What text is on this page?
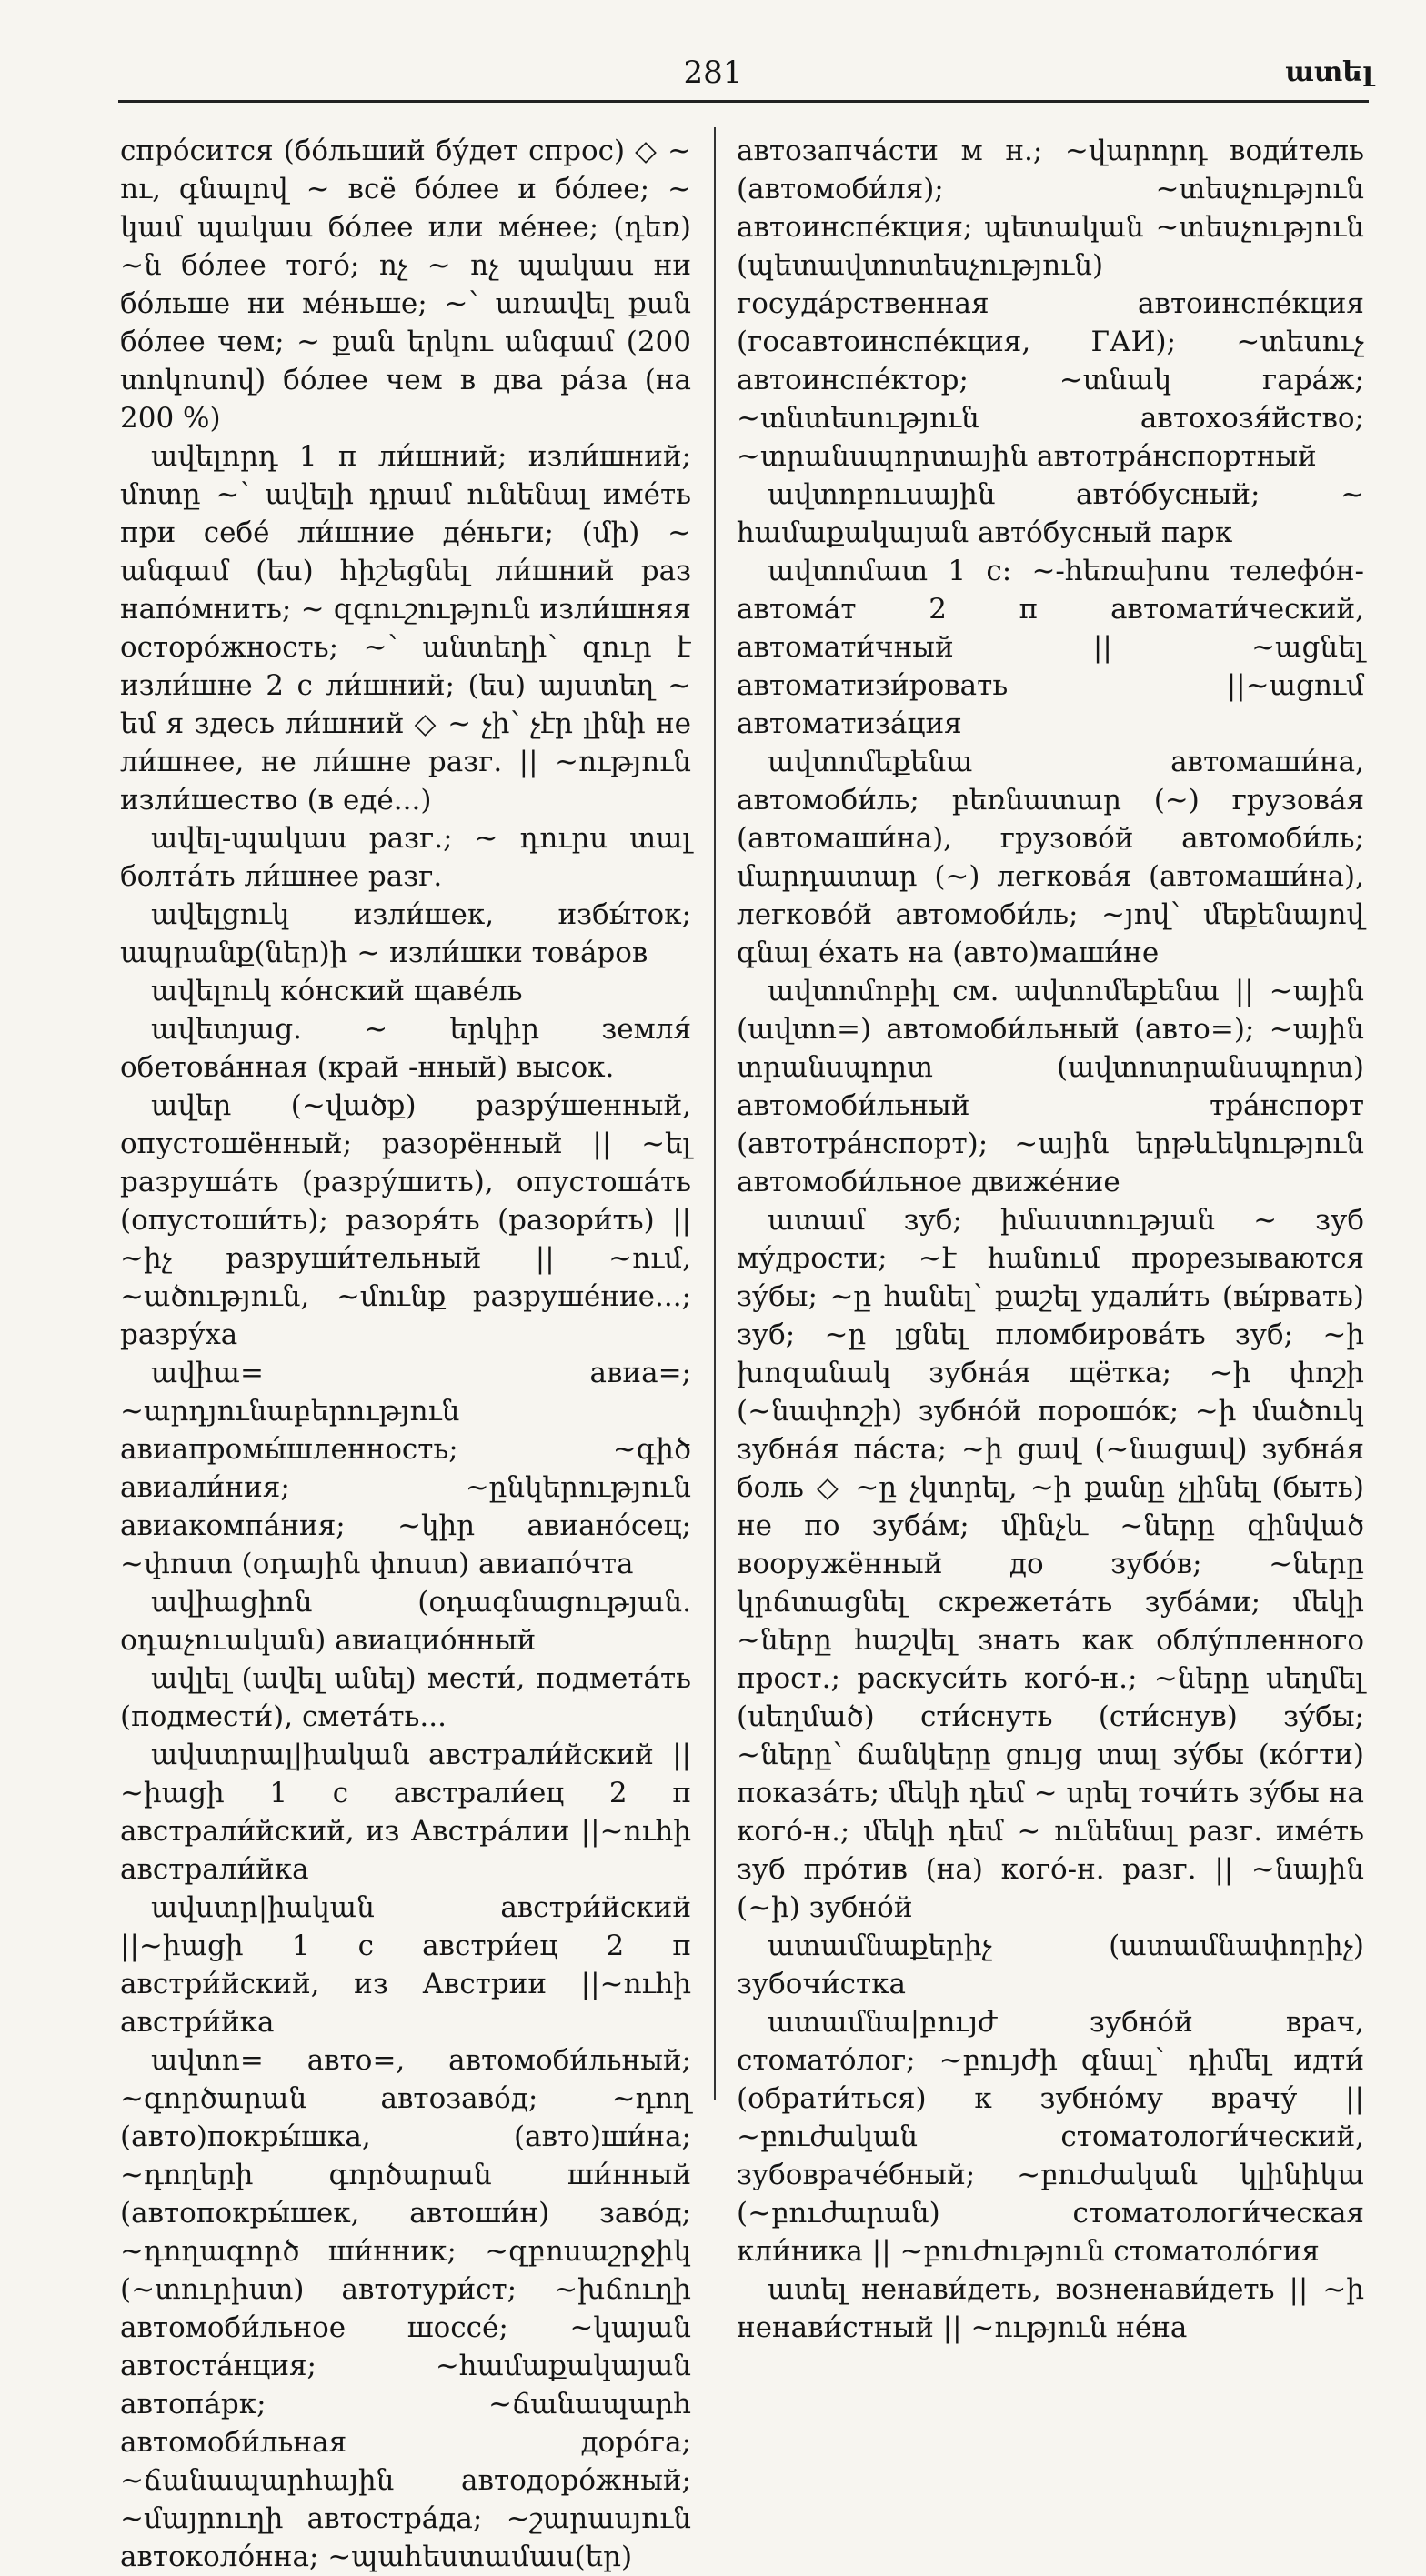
281	ատել

спро́сится (бо́льший бу́дет спрос) ◇ ~ ու, գնալով ~ всё бо́лее и бо́лее; ~ կամ պակաս бо́лее или ме́нее; (դեռ) ~ն бо́лее того́; ոչ ~ ոչ պակաս ни бо́льше ни ме́ньше; ~՝ առավել քան бо́лее чем; ~ քան երկու անգամ (200 տոկոսով) бо́лее чем в два ра́за (на 200 %)

ավելորդ 1 п ли́шний; изли́шний; մոտը ~՝ ավելի դրամ ունենալ име́ть при себе́ ли́шние де́ньги; (մի) ~ անգամ (ես) հիշեցնել ли́шний раз напо́мнить; ~ զգուշություն изли́шняя осторо́жность; ~՝ անտեղի՝ զուր է изли́шне 2 с ли́шний; (ես) այստեղ ~ եմ я здесь ли́шний ◇ ~ չի՝ չէր լինի не ли́шнее, не ли́шне разг. || ~ություն изли́шество (в еде́...)

ավել-պակաս разг.; ~ դուրս տալ болта́ть ли́шнее разг.

ավելցուկ изли́шек, избы́ток; ապրանք(ներ)ի ~ изли́шки това́ров

ավելուկ ко́нский щаве́ль

ավետյաց. ~ երկիր земля́ обетова́нная (край -нный) высок.

ավեր (~վածք) разру́шенный, опустошённый; разорённый || ~ել разруша́ть (разру́шить), опустоша́ть (опустоши́ть); разоря́ть (разори́ть) || ~իչ разруши́тельный || ~ում, ~ածություն, ~մունք разруше́ние...; разру́ха

ավիա= авиа=; ~արդյունաբերություն авиапромы́шленность; ~գիծ авиали́ния; ~ընկերություն авиакомпа́ния; ~կիր авиано́сец; ~փոստ (օդային փոստ) авиапо́чта

ավիացիոն (օդագնացության. օդաչուական) авиацио́нный

ավլել (ավել անել) мести́, подмета́ть (подмести́), смета́ть...

ավստրալ|իական австрали́йский || ~իացի 1 с австрали́ец 2 п австрали́йский, из Австра́лии ||~ուհի австрали́йка

ավստր|իական австри́йский ||~իացի 1 с австри́ец 2 п австри́йский, из Австрии ||~ուհի австри́йка

ավտո= авто=, автомоби́льный; ~գործարան автозаво́д; ~դող (авто)покры́шка, (авто)ши́на; ~դողերի գործարան ши́нный (автопокры́шек, автоши́н) заво́д; ~դողագործ ши́нник; ~զբոսաշրջիկ (~տուրիստ) автотури́ст; ~խճուղի автомоби́льное шоссе́; ~կայան автоста́нция; ~համաքակայան автопа́рк; ~ճանապարհ автомоби́льная доро́га; ~ճանապարհային автодоро́жный; ~մայրուղի автостра́да; ~շարասյուն автоколо́нна; ~պահեստամաս(եր)

автозапча́сти м н.; ~վարորդ води́тель (автомоби́ля); ~տեսչություն автоинспе́кция; պետական ~տեսչություն (պետավտոտեսչություն) госуда́рственная автоинспе́кция (госавтоинспе́кция, ГАИ); ~տեսուչ автоинспе́ктор; ~տնակ гара́ж; ~տնտեսություն автохозя́йство; ~տրանսպորտային автотра́нспортный

ավտոբուսային авто́бусный; ~ համաքակայան авто́бусный парк

ավտոմատ 1 с: ~-հեռախոս телефо́н-автома́т 2 п автомати́ческий, автомати́чный || ~ացնել автоматизи́ровать ||~ացում автоматиза́ция

ավտոմեքենա автомаши́на, автомоби́ль; բեռնատար (~) грузова́я (автомаши́на), грузово́й автомоби́ль; մարդատար (~) легкова́я (автомаши́на), легково́й автомоби́ль; ~յով՝ մեքենայով գնալ е́хать на (авто)маши́не

ավտոմոբիլ см. ավտոմեքենա || ~ային (ավտո=) автомоби́льный (авто=); ~ային տրանսպորտ (ավտոտրանսպորտ) автомоби́льный тра́нспорт (автотра́нспорт); ~ային երթևեկություն автомоби́льное движе́ние

ատամ зуб; իմաստության ~ зуб му́дрости; ~է հանում прорезываются зу́бы; ~ը հանել՝ քաշել удали́ть (вы́рвать) зуб; ~ը լցնել пломбирова́ть зуб; ~ի խոզանակ зубна́я щётка; ~ի փոշի (~նափոշի) зубно́й порошо́к; ~ի մածուկ зубна́я па́ста; ~ի ցավ (~նացավ) зубна́я боль ◇ ~ը չկտրել, ~ի քանը չլինել (быть) не по зуба́м; մինչև ~ները զինված вооружённый до зубо́в; ~ները կրճտացնել скрежета́ть зуба́ми; մեկի ~ները հաշվել знать как облу́пленного прост.; раскуси́ть кого́-н.; ~ները սեղմել (սեղմած) сти́снуть (сти́снув) зу́бы; ~ները՝ ճանկերը ցույց տալ зу́бы (ко́гти) показа́ть; մեկի դեմ ~ սրել точи́ть зу́бы на кого́-н.; մեկի դեմ ~ ունենալ разг. име́ть зуб про́тив (на) кого́-н. разг. || ~նային (~ի) зубно́й

ատամնաքերիչ (ատամնափորիչ) зубочи́стка

ատամնա|բույժ зубно́й врач, стомато́лог; ~բույժի գնալ՝ դիմել идти́ (обрати́ться) к зубно́му врачу́ || ~բուժական стоматологи́ческий, зубовраче́бный; ~բուժական կլինիկա (~բուժարան) стоматологи́ческая кли́ника || ~բուժություն стоматоло́гия

ատել ненави́деть, возненави́деть || ~ի ненави́стный || ~ություն не́на
